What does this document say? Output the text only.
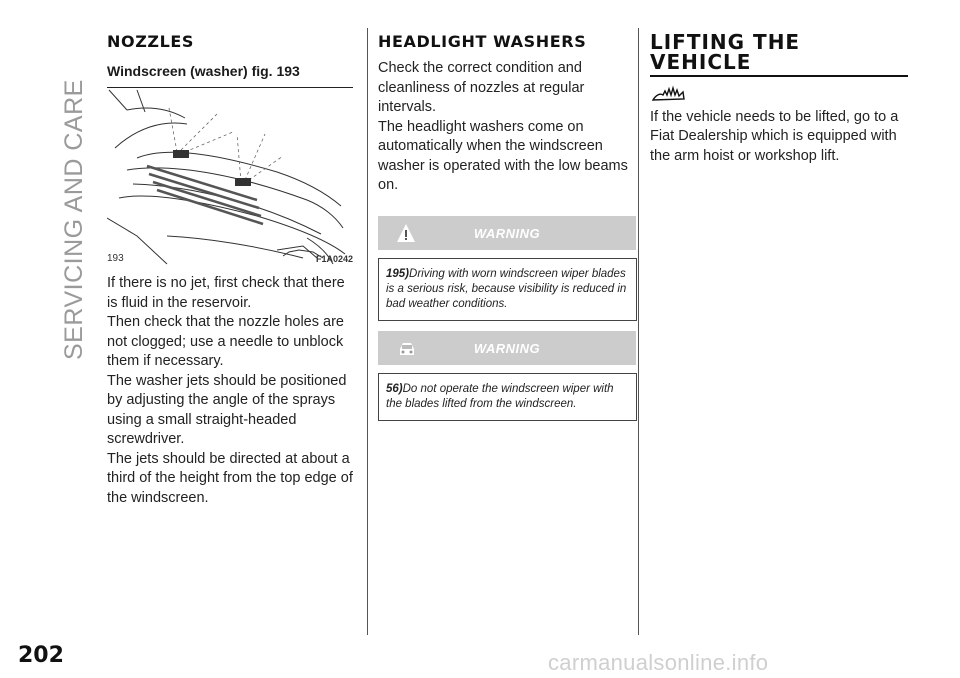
SERVICING AND CARE
NOZZLES
Windscreen (washer) fig. 193
193	F1A0242

If there is no jet, first check that there is fluid in the reservoir.

Then check that the nozzle holes are not clogged; use a needle to unblock them if necessary.

The washer jets should be positioned by adjusting the angle of the sprays using a small straight-headed screwdriver.

The jets should be directed at about a third of the height from the top edge of the windscreen.

HEADLIGHT WASHERS

Check the correct condition and cleanliness of nozzles at regular intervals.

The headlight washers come on automatically when the windscreen washer is operated with the low beams on.

WARNING

195)Driving with worn windscreen wiper blades is a serious risk, because visibility is reduced in bad weather conditions.

WARNING

56)Do not operate the windscreen wiper with the blades lifted from the windscreen.

LIFTING THE
VEHICLE

If the vehicle needs to be lifted, go to a Fiat Dealership which is equipped with the arm hoist or workshop lift.

202	carmanualsonline.info
